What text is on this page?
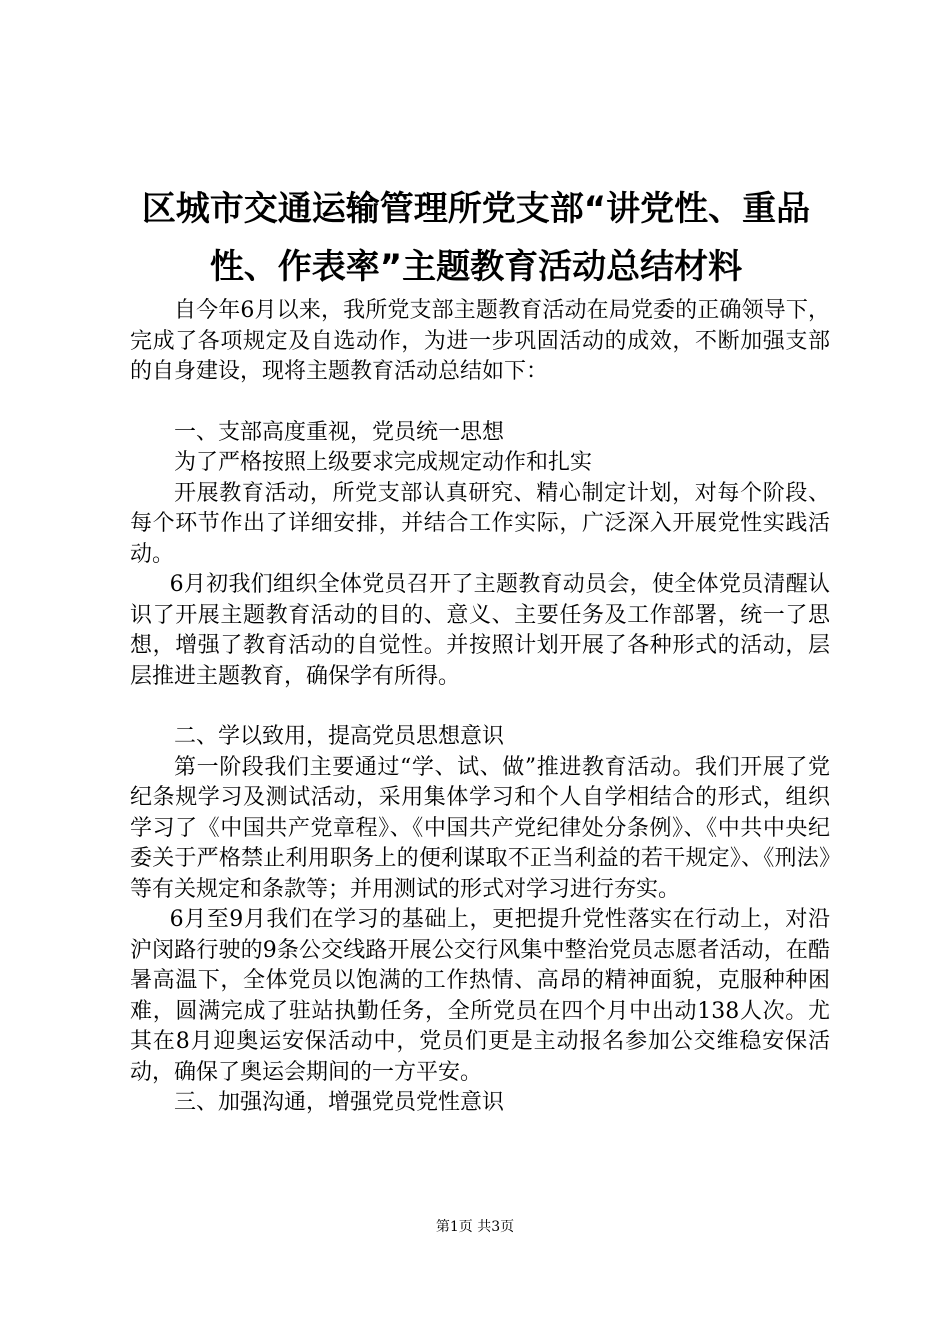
区城市交通运输管理所党支部“讲党性、重品
性、作表率”主题教育活动总结材料

自今年6月以来，我所党支部主题教育活动在局党委的正确领导下，完成了各项规定及自选动作，为进一步巩固活动的成效，不断加强支部的自身建设，现将主题教育活动总结如下：

一、支部高度重视，党员统一思想

为了严格按照上级要求完成规定动作和扎实

开展教育活动，所党支部认真研究、精心制定计划，对每个阶段、每个环节作出了详细安排，并结合工作实际，广泛深入开展党性实践活动。

6月初我们组织全体党员召开了主题教育动员会，使全体党员清醒认识了开展主题教育活动的目的、意义、主要任务及工作部署，统一了思想，增强了教育活动的自觉性。并按照计划开展了各种形式的活动，层层推进主题教育，确保学有所得。

二、学以致用，提高党员思想意识

第一阶段我们主要通过“学、试、做”推进教育活动。我们开展了党纪条规学习及测试活动，采用集体学习和个人自学相结合的形式，组织学习了《中国共产党章程》、《中国共产党纪律处分条例》、《中共中央纪委关于严格禁止利用职务上的便利谋取不正当利益的若干规定》、《刑法》等有关规定和条款等；并用测试的形式对学习进行夯实。

6月至9月我们在学习的基础上，更把提升党性落实在行动上，对沿沪闵路行驶的9条公交线路开展公交行风集中整治党员志愿者活动，在酷暑高温下，全体党员以饱满的工作热情、高昂的精神面貌，克服种种困难，圆满完成了驻站执勤任务，全所党员在四个月中出动138人次。尤其在8月迎奥运安保活动中，党员们更是主动报名参加公交维稳安保活动，确保了奥运会期间的一方平安。

三、加强沟通，增强党员党性意识

第1页 共3页
